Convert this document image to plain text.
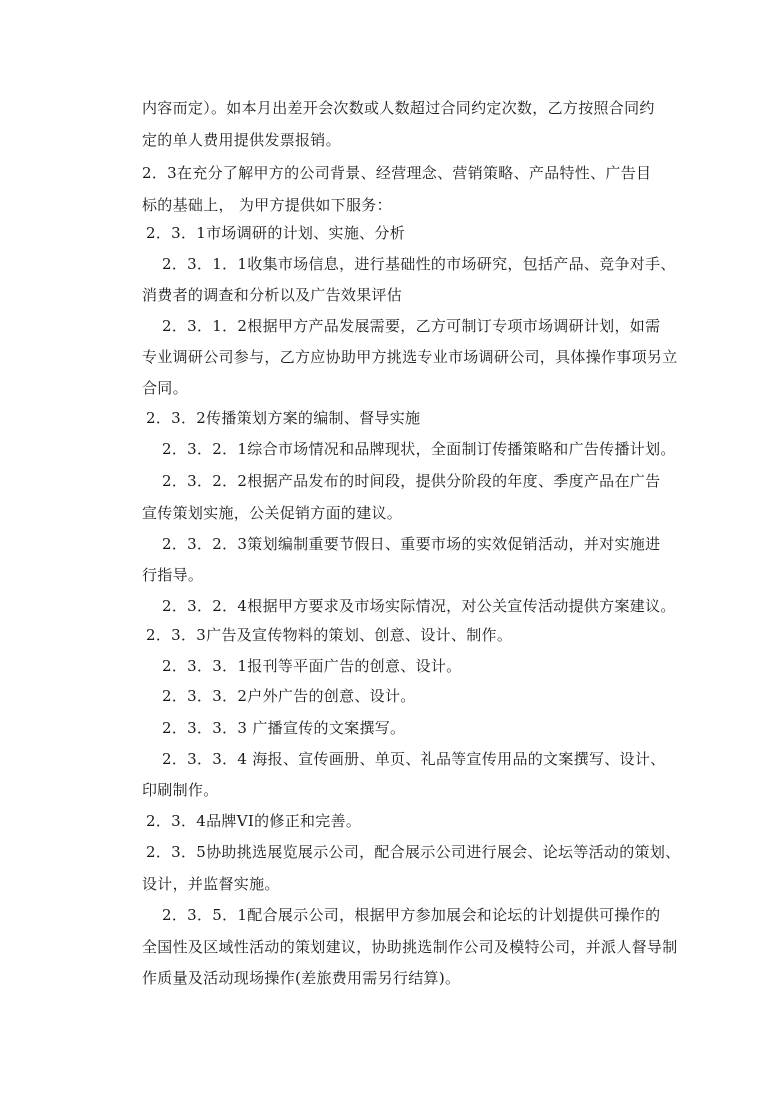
内容而定）。如本月出差开会次数或人数超过合同约定次数，乙方按照合同约
定的单人费用提供发票报销。
2．3在充分了解甲方的公司背景、经营理念、营销策略、产品特性、广告目
标的基础上， 为甲方提供如下服务：
2．3．1市场调研的计划、实施、分析
2．3．1．1收集市场信息，进行基础性的市场研究，包括产品、竞争对手、
消费者的调查和分析以及广告效果评估
2．3．1．2根据甲方产品发展需要，乙方可制订专项市场调研计划，如需
专业调研公司参与，乙方应协助甲方挑选专业市场调研公司，具体操作事项另立
合同。
2．3．2传播策划方案的编制、督导实施
2．3．2．1综合市场情况和品牌现状，全面制订传播策略和广告传播计划。
2．3．2．2根据产品发布的时间段，提供分阶段的年度、季度产品在广告
宣传策划实施，公关促销方面的建议。
2．3．2．3策划编制重要节假日、重要市场的实效促销活动，并对实施进
行指导。
2．3．2．4根据甲方要求及市场实际情况，对公关宣传活动提供方案建议。
2．3．3广告及宣传物料的策划、创意、设计、制作。
2．3．3．1报刊等平面广告的创意、设计。
2．3．3．2户外广告的创意、设计。
2．3．3．3 广播宣传的文案撰写。
2．3．3．4 海报、宣传画册、单页、礼品等宣传用品的文案撰写、设计、
印刷制作。
2．3．4品牌VI的修正和完善。
2．3．5协助挑选展览展示公司，配合展示公司进行展会、论坛等活动的策划、
设计，并监督实施。
2．3．5．1配合展示公司，根据甲方参加展会和论坛的计划提供可操作的
全国性及区域性活动的策划建议，协助挑选制作公司及模特公司，并派人督导制
作质量及活动现场操作(差旅费用需另行结算)。
